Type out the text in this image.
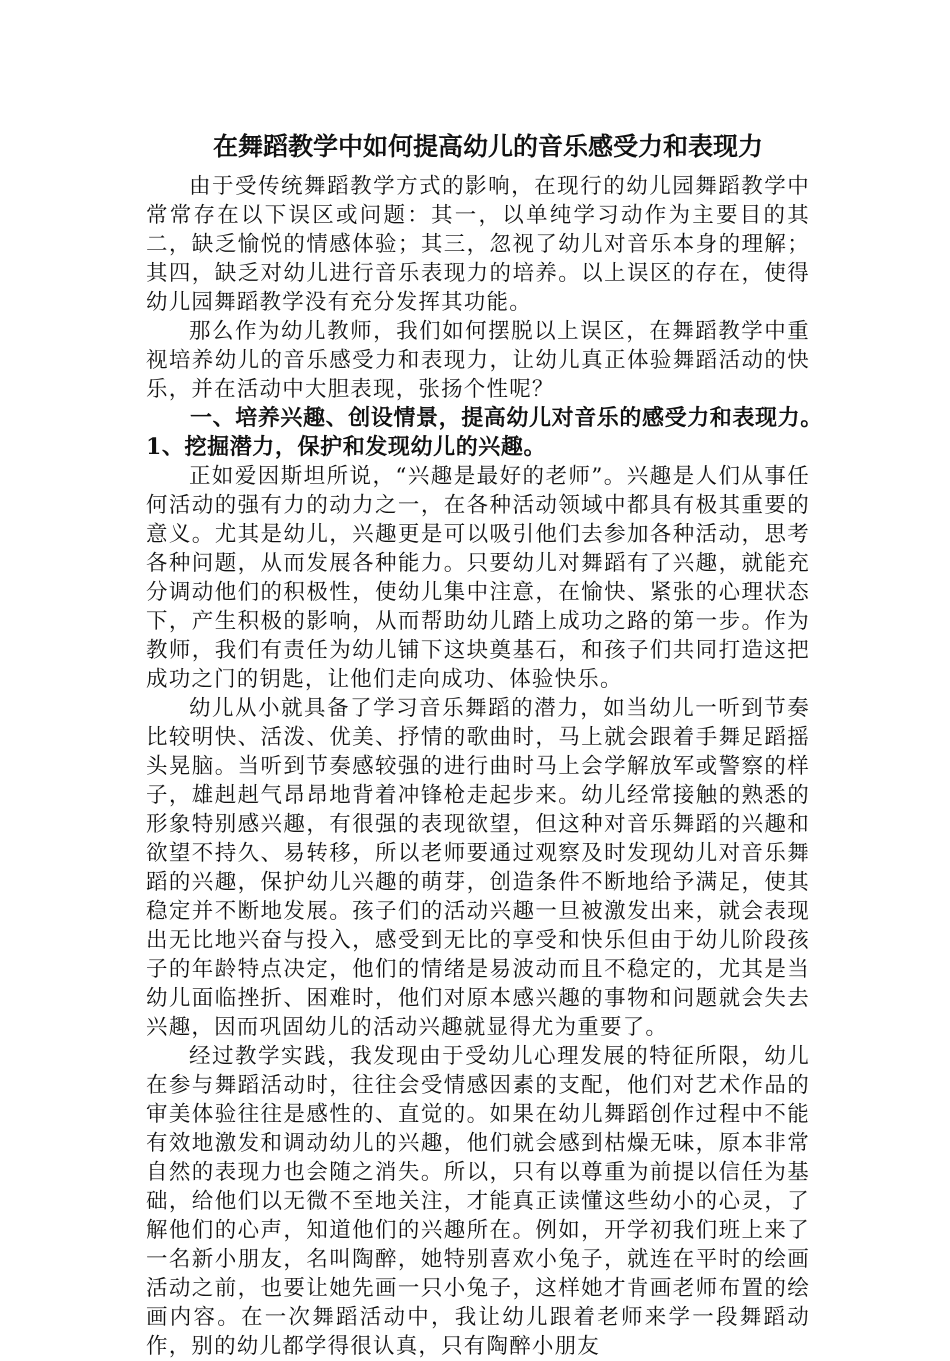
在舞蹈教学中如何提高幼儿的音乐感受力和表现力

由于受传统舞蹈教学方式的影响，在现行的幼儿园舞蹈教学中常常存在以下误区或问题：其一，以单纯学习动作为主要目的其二，缺乏愉悦的情感体验；其三，忽视了幼儿对音乐本身的理解；其四，缺乏对幼儿进行音乐表现力的培养。以上误区的存在，使得幼儿园舞蹈教学没有充分发挥其功能。

那么作为幼儿教师，我们如何摆脱以上误区，在舞蹈教学中重视培养幼儿的音乐感受力和表现力，让幼儿真正体验舞蹈活动的快乐，并在活动中大胆表现，张扬个性呢？

一、培养兴趣、创设情景，提高幼儿对音乐的感受力和表现力。

1、挖掘潜力，保护和发现幼儿的兴趣。

正如爱因斯坦所说，“兴趣是最好的老师”。兴趣是人们从事任何活动的强有力的动力之一，在各种活动领域中都具有极其重要的意义。尤其是幼儿，兴趣更是可以吸引他们去参加各种活动，思考各种问题，从而发展各种能力。只要幼儿对舞蹈有了兴趣，就能充分调动他们的积极性，使幼儿集中注意，在愉快、紧张的心理状态下，产生积极的影响，从而帮助幼儿踏上成功之路的第一步。作为教师，我们有责任为幼儿铺下这块奠基石，和孩子们共同打造这把成功之门的钥匙，让他们走向成功、体验快乐。

幼儿从小就具备了学习音乐舞蹈的潜力，如当幼儿一听到节奏比较明快、活泼、优美、抒情的歌曲时，马上就会跟着手舞足蹈摇头晃脑。当听到节奏感较强的进行曲时马上会学解放军或警察的样子，雄赳赳气昂昂地背着冲锋枪走起步来。幼儿经常接触的熟悉的形象特别感兴趣，有很强的表现欲望，但这种对音乐舞蹈的兴趣和欲望不持久、易转移，所以老师要通过观察及时发现幼儿对音乐舞蹈的兴趣，保护幼儿兴趣的萌芽，创造条件不断地给予满足，使其稳定并不断地发展。孩子们的活动兴趣一旦被激发出来，就会表现出无比地兴奋与投入，感受到无比的享受和快乐但由于幼儿阶段孩子的年龄特点决定，他们的情绪是易波动而且不稳定的，尤其是当幼儿面临挫折、困难时，他们对原本感兴趣的事物和问题就会失去兴趣，因而巩固幼儿的活动兴趣就显得尤为重要了。

经过教学实践，我发现由于受幼儿心理发展的特征所限，幼儿在参与舞蹈活动时，往往会受情感因素的支配，他们对艺术作品的审美体验往往是感性的、直觉的。如果在幼儿舞蹈创作过程中不能有效地激发和调动幼儿的兴趣，他们就会感到枯燥无味，原本非常自然的表现力也会随之消失。所以，只有以尊重为前提以信任为基础，给他们以无微不至地关注，才能真正读懂这些幼小的心灵，了解他们的心声，知道他们的兴趣所在。例如，开学初我们班上来了一名新小朋友，名叫陶醉，她特别喜欢小兔子，就连在平时的绘画活动之前，也要让她先画一只小兔子，这样她才肯画老师布置的绘画内容。在一次舞蹈活动中，我让幼儿跟着老师来学一段舞蹈动作，别的幼儿都学得很认真，只有陶醉小朋友
